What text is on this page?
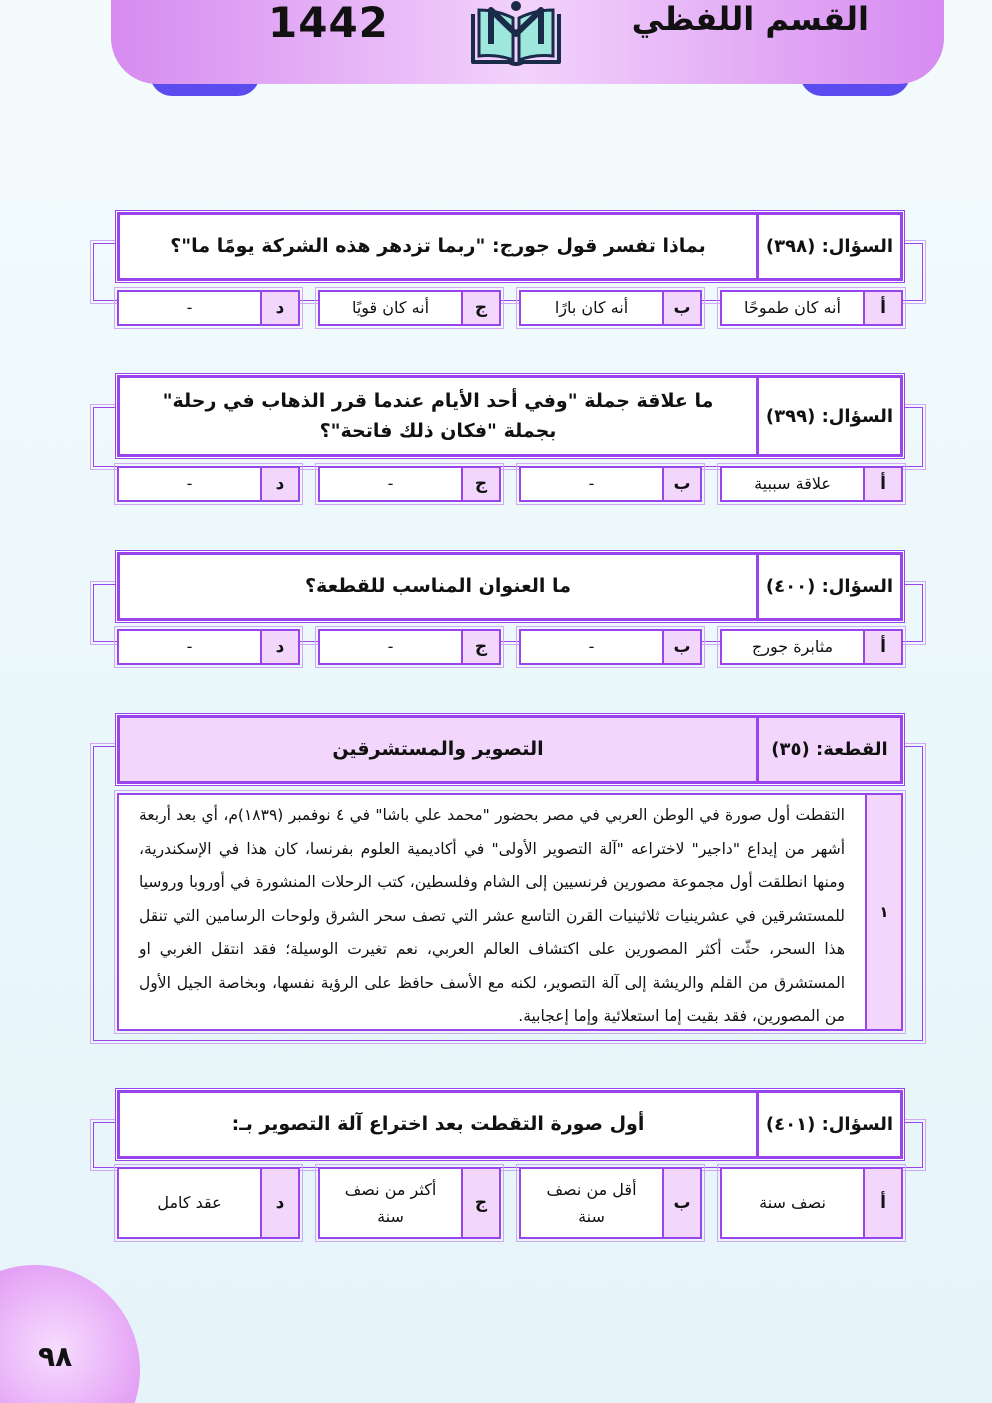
1442	القسم اللفظي
M
السؤال: (٣٩٨)
بماذا تفسر قول جورج: "ربما تزدهر هذه الشركة يومًا ما"؟
أ
أنه كان طموحًا
ب
أنه كان بارًا
ج
أنه كان قويًا
د
-
السؤال: (٣٩٩)
ما علاقة جملة "وفي أحد الأيام عندما قرر الذهاب في رحلة" بجملة "فكان ذلك فاتحة"؟
أ
علاقة سببية
ب
-
ج
-
د
-
السؤال: (٤٠٠)
ما العنوان المناسب للقطعة؟
أ
مثابرة جورج
ب
-
ج
-
د
-
القطعة: (٣٥)
التصوير والمستشرقين
١
التقطت أول صورة في الوطن العربي في مصر بحضور "محمد علي باشا" في ٤ نوفمبر (١٨٣٩)م، أي بعد أربعة أشهر من إيداع "داجير" لاختراعه "آلة التصوير الأولى" في أكاديمية العلوم بفرنسا، كان هذا في الإسكندرية، ومنها انطلقت أول مجموعة مصورين فرنسيين إلى الشام وفلسطين، كتب الرحلات المنشورة في أوروبا وروسيا للمستشرقين في عشرينيات ثلاثينيات القرن التاسع عشر التي تصف سحر الشرق ولوحات الرسامين التي تنقل هذا السحر، حثّت أكثر المصورين على اكتشاف العالم العربي، نعم تغيرت الوسيلة؛ فقد انتقل الغربي او المستشرق من القلم والريشة إلى آلة التصوير، لكنه مع الأسف حافظ على الرؤية نفسها، وبخاصة الجيل الأول من المصورين، فقد بقيت إما استعلائية وإما إعجابية.
السؤال: (٤٠١)
أول صورة التقطت بعد اختراع آلة التصوير بـ:
أ
نصف سنة
ب
أقل من نصف سنة
ج
أكثر من نصف سنة
د
عقد كامل
٩٨
